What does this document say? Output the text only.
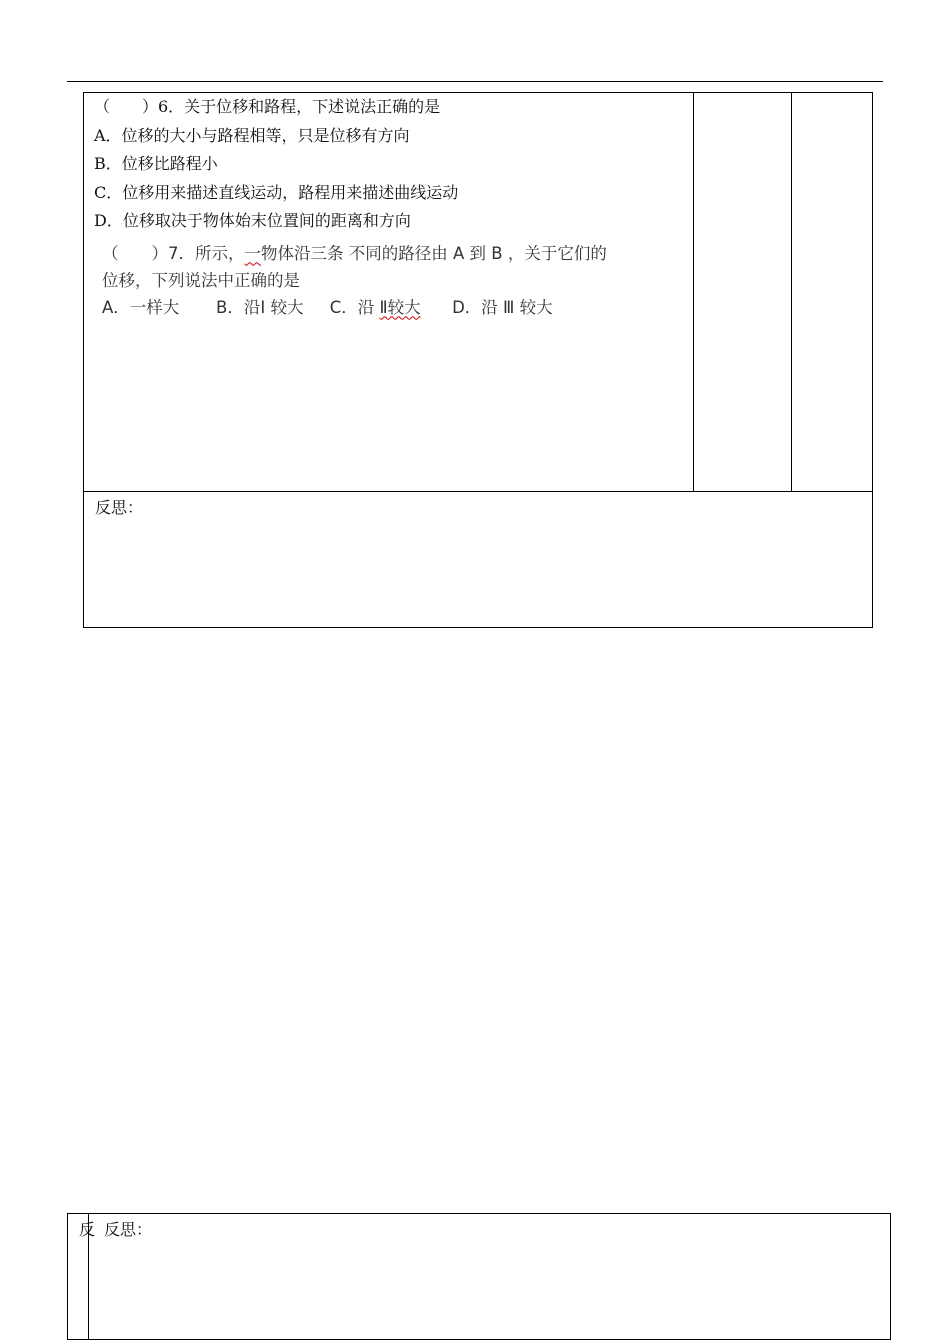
（　　）6．关于位移和路程，下述说法正确的是
A．位移的大小与路程相等，只是位移有方向
B．位移比路程小
C．位移用来描述直线运动，路程用来描述曲线运动
D．位移取决于物体始末位置间的距离和方向
（　　）7．所示，一物体沿三条 不同的路径由 A 到 B ，关于它们的
位移，下列说法中正确的是
A．一样大 B．沿Ⅰ 较大 C．沿 Ⅱ较大 D．沿 Ⅲ 较大

反思：
反 反思：
